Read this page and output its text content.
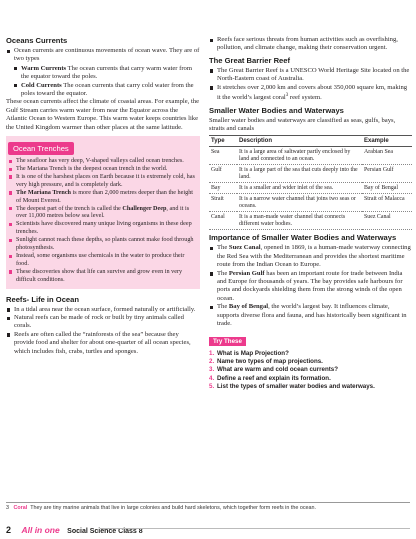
Oceans Currents
Ocean currents are continuous movements of ocean wave. They are of two types
Warm Currents The ocean currents that carry warm water from the equator toward the poles.
Cold Currents The ocean currents that carry cold water from the poles toward the equator.

These ocean currents affect the climate of coastal areas. For example, the Gulf Stream carries warm water from near the Equator across the Atlantic Ocean to Western Europe. This warm water keeps countries like the United Kingdom warmer than other places at the same latitude.

Ocean Trenches
The seafloor has very deep, V-shaped valleys called ocean trenches.
The Mariana Trench is the deepest ocean trench in the world.
It is one of the harshest places on Earth because it is extremely cold, has very high pressure, and is completely dark.
The Mariana Trench is more than 2,000 metres deeper than the height of Mount Everest.
The deepest part of the trench is called the Challenger Deep, and it is over 11,000 metres below sea level.
Scientists have discovered many unique living organisms in these deep trenches.
Sunlight cannot reach these depths, so plants cannot make food through photosynthesis.
Instead, some organisms use chemicals in the water to produce their food.
These discoveries show that life can survive and grow even in very difficult conditions.
Reefs- Life in Ocean
In a tidal area near the ocean surface, formed naturally or artificially.
Natural reefs can be made of rock or built by tiny animals called corals.
Reefs are often called the “rainforests of the sea” because they provide food and shelter for about one-quarter of all ocean species, which includes fish, crabs, turtles and sponges.
Reefs face serious threats from human activities such as overfishing, pollution, and climate change, making their conservation urgent.
The Great Barrier Reef
The Great Barrier Reef is a UNESCO World Heritage Site located on the North-Eastern coast of Australia.
It stretches over 2,000 km and covers about 350,000 square km, making it the world’s largest coral$^3$ reef system.
Smaller Water Bodies and Waterways

Smaller water bodies and waterways are classified as seas, gulfs, bays, straits and canals

Type	Description	Example
Sea	It is a large area of saltwater partly enclosed by land and connected to an ocean.	Arabian Sea
Gulf	It is a large part of the sea that cuts deeply into the land.	Persian Gulf
Bay	It is a smaller and wider inlet of the sea.	Bay of Bengal
Strait	It is a narrow water channel that joins two seas or oceans.	Strait of Malacca
Canal	It is a man-made water channel that connects different water bodies.	Suez Canal
Importance of Smaller Water Bodies and Waterways
The Suez Canal, opened in 1869, is a human-made waterway connecting the Red Sea with the Mediterranean and provides the shortest maritime route from the Indian Ocean to Europe.
The Persian Gulf has been an important route for trade between India and Europe for thousands of years. The bay provides safe harbours for ports and dockyards shielding them from the strong winds of the open ocean.
The Bay of Bengal, the world’s largest bay. It influences climate, supports diverse flora and fauna, and has historically been significant in trade.
Try These
1. What is Map Projection?
2. Name two types of map projections.
3. What are warm and cold ocean currents?
4. Define a reef and explain its formation.
5. List the types of smaller water bodies and waterways.
3 Coral They are tiny marine animals that live in large colonies and build hard skeletons, which together form reefs in the ocean.
2 All in one Social Science Class 8
